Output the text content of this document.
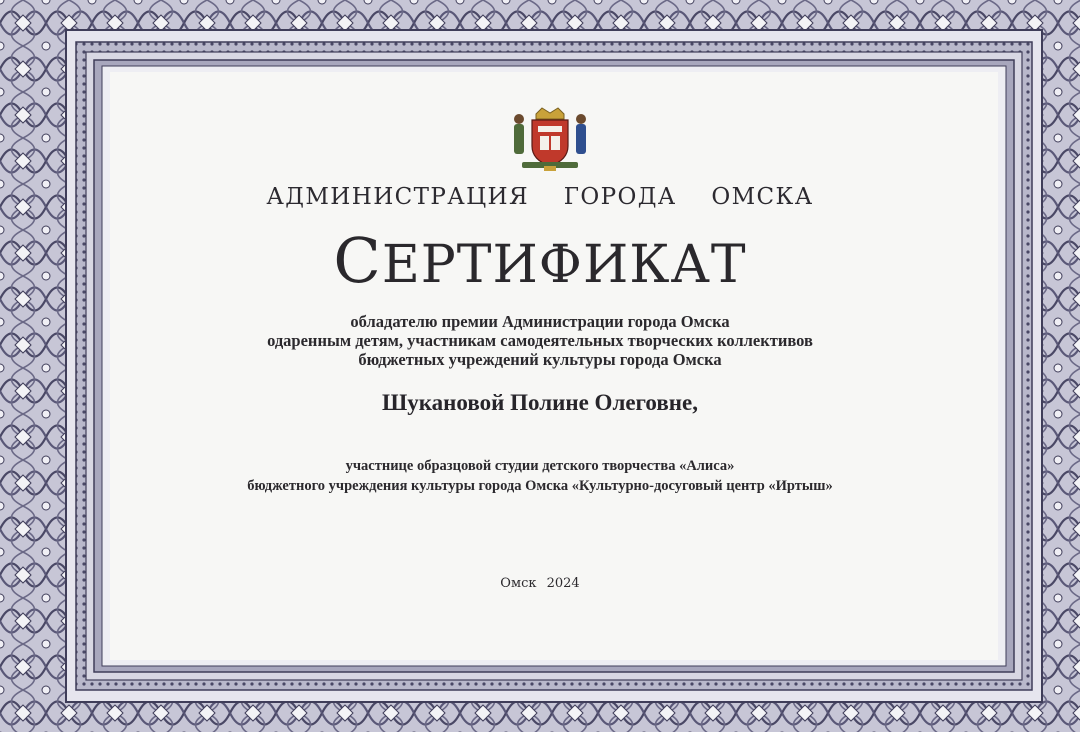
АДМИНИСТРАЦИЯ ГОРОДА ОМСКА
СЕРТИФИКАТ
обладателю премии Администрации города Омска
одаренным детям, участникам самодеятельных творческих коллективов
бюджетных учреждений культуры города Омска
Шукановой Полине Олеговне,
участнице образцовой студии детского творчества «Алиса»
бюджетного учреждения культуры города Омска «Культурно-досуговый центр «Иртыш»
Омск 2024
